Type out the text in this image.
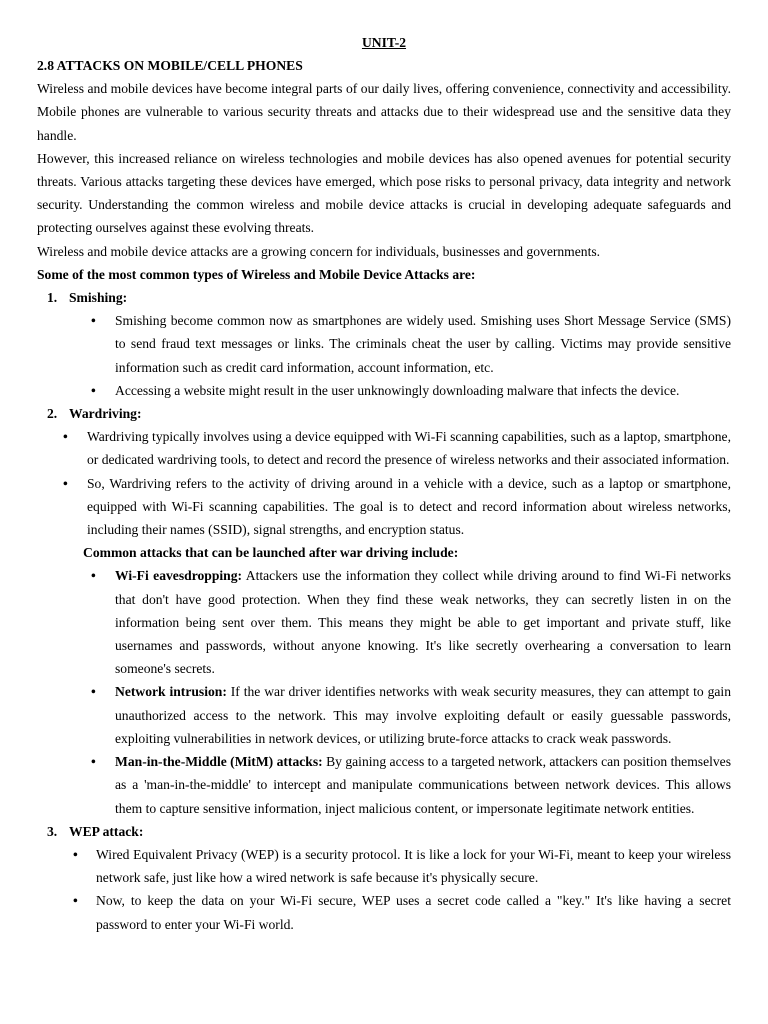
UNIT-2
2.8 ATTACKS ON MOBILE/CELL PHONES

Wireless and mobile devices have become integral parts of our daily lives, offering convenience, connectivity and accessibility. Mobile phones are vulnerable to various security threats and attacks due to their widespread use and the sensitive data they handle.

However, this increased reliance on wireless technologies and mobile devices has also opened avenues for potential security threats. Various attacks targeting these devices have emerged, which pose risks to personal privacy, data integrity and network security. Understanding the common wireless and mobile device attacks is crucial in developing adequate safeguards and protecting ourselves against these evolving threats.

Wireless and mobile device attacks are a growing concern for individuals, businesses and governments.

Some of the most common types of Wireless and Mobile Device Attacks are:
1. Smishing:
• Smishing become common now as smartphones are widely used. Smishing uses Short Message Service (SMS) to send fraud text messages or links. The criminals cheat the user by calling. Victims may provide sensitive information such as credit card information, account information, etc.
• Accessing a website might result in the user unknowingly downloading malware that infects the device.
2. Wardriving:
• Wardriving typically involves using a device equipped with Wi-Fi scanning capabilities, such as a laptop, smartphone, or dedicated wardriving tools, to detect and record the presence of wireless networks and their associated information.
• So, Wardriving refers to the activity of driving around in a vehicle with a device, such as a laptop or smartphone, equipped with Wi-Fi scanning capabilities. The goal is to detect and record information about wireless networks, including their names (SSID), signal strengths, and encryption status.
Common attacks that can be launched after war driving include:
• Wi-Fi eavesdropping: Attackers use the information they collect while driving around to find Wi-Fi networks that don't have good protection. When they find these weak networks, they can secretly listen in on the information being sent over them. This means they might be able to get important and private stuff, like usernames and passwords, without anyone knowing. It's like secretly overhearing a conversation to learn someone's secrets.
• Network intrusion: If the war driver identifies networks with weak security measures, they can attempt to gain unauthorized access to the network. This may involve exploiting default or easily guessable passwords, exploiting vulnerabilities in network devices, or utilizing brute-force attacks to crack weak passwords.
• Man-in-the-Middle (MitM) attacks: By gaining access to a targeted network, attackers can position themselves as a 'man-in-the-middle' to intercept and manipulate communications between network devices. This allows them to capture sensitive information, inject malicious content, or impersonate legitimate network entities.
3. WEP attack:
• Wired Equivalent Privacy (WEP) is a security protocol. It is like a lock for your Wi-Fi, meant to keep your wireless network safe, just like how a wired network is safe because it's physically secure.
• Now, to keep the data on your Wi-Fi secure, WEP uses a secret code called a "key." It's like having a secret password to enter your Wi-Fi world.
